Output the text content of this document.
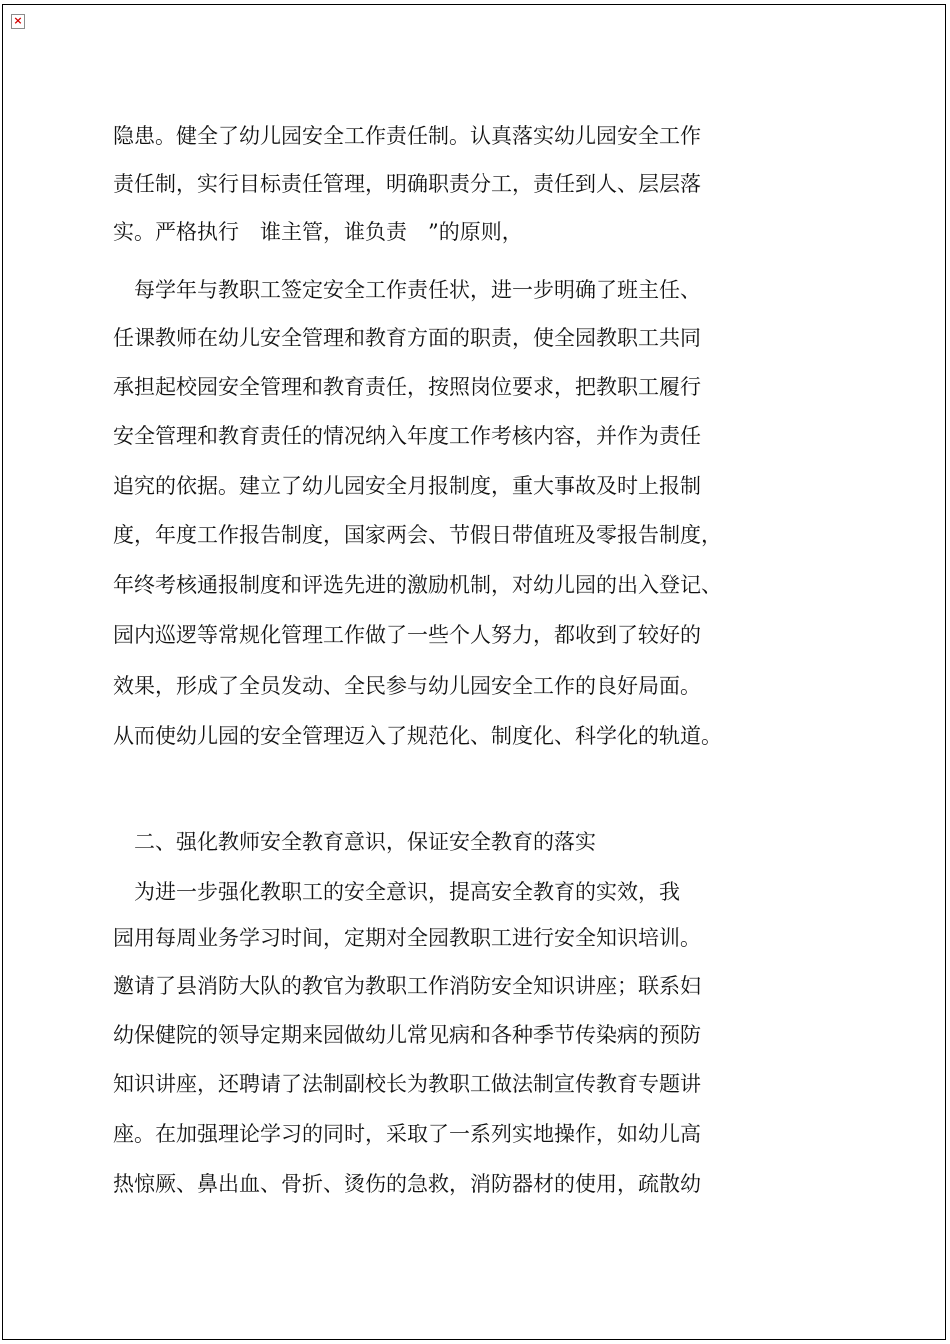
×

隐患。健全了幼儿园安全工作责任制。认真落实幼儿园安全工作

责任制，实行目标责任管理，明确职责分工，责任到人、层层落

实。严格执行　谁主管，谁负责　”的原则，

　每学年与教职工签定安全工作责任状，进一步明确了班主任、

任课教师在幼儿安全管理和教育方面的职责，使全园教职工共同

承担起校园安全管理和教育责任，按照岗位要求，把教职工履行

安全管理和教育责任的情况纳入年度工作考核内容，并作为责任

追究的依据。建立了幼儿园安全月报制度，重大事故及时上报制

度，年度工作报告制度，国家两会、节假日带值班及零报告制度，

年终考核通报制度和评选先进的激励机制，对幼儿园的出入登记、

园内巡逻等常规化管理工作做了一些个人努力，都收到了较好的

效果，形成了全员发动、全民参与幼儿园安全工作的良好局面。

从而使幼儿园的安全管理迈入了规范化、制度化、科学化的轨道。

　二、强化教师安全教育意识，保证安全教育的落实

　为进一步强化教职工的安全意识，提高安全教育的实效，我

园用每周业务学习时间，定期对全园教职工进行安全知识培训。

邀请了县消防大队的教官为教职工作消防安全知识讲座；联系妇

幼保健院的领导定期来园做幼儿常见病和各种季节传染病的预防

知识讲座，还聘请了法制副校长为教职工做法制宣传教育专题讲

座。在加强理论学习的同时，采取了一系列实地操作，如幼儿高

热惊厥、鼻出血、骨折、烫伤的急救，消防器材的使用，疏散幼
